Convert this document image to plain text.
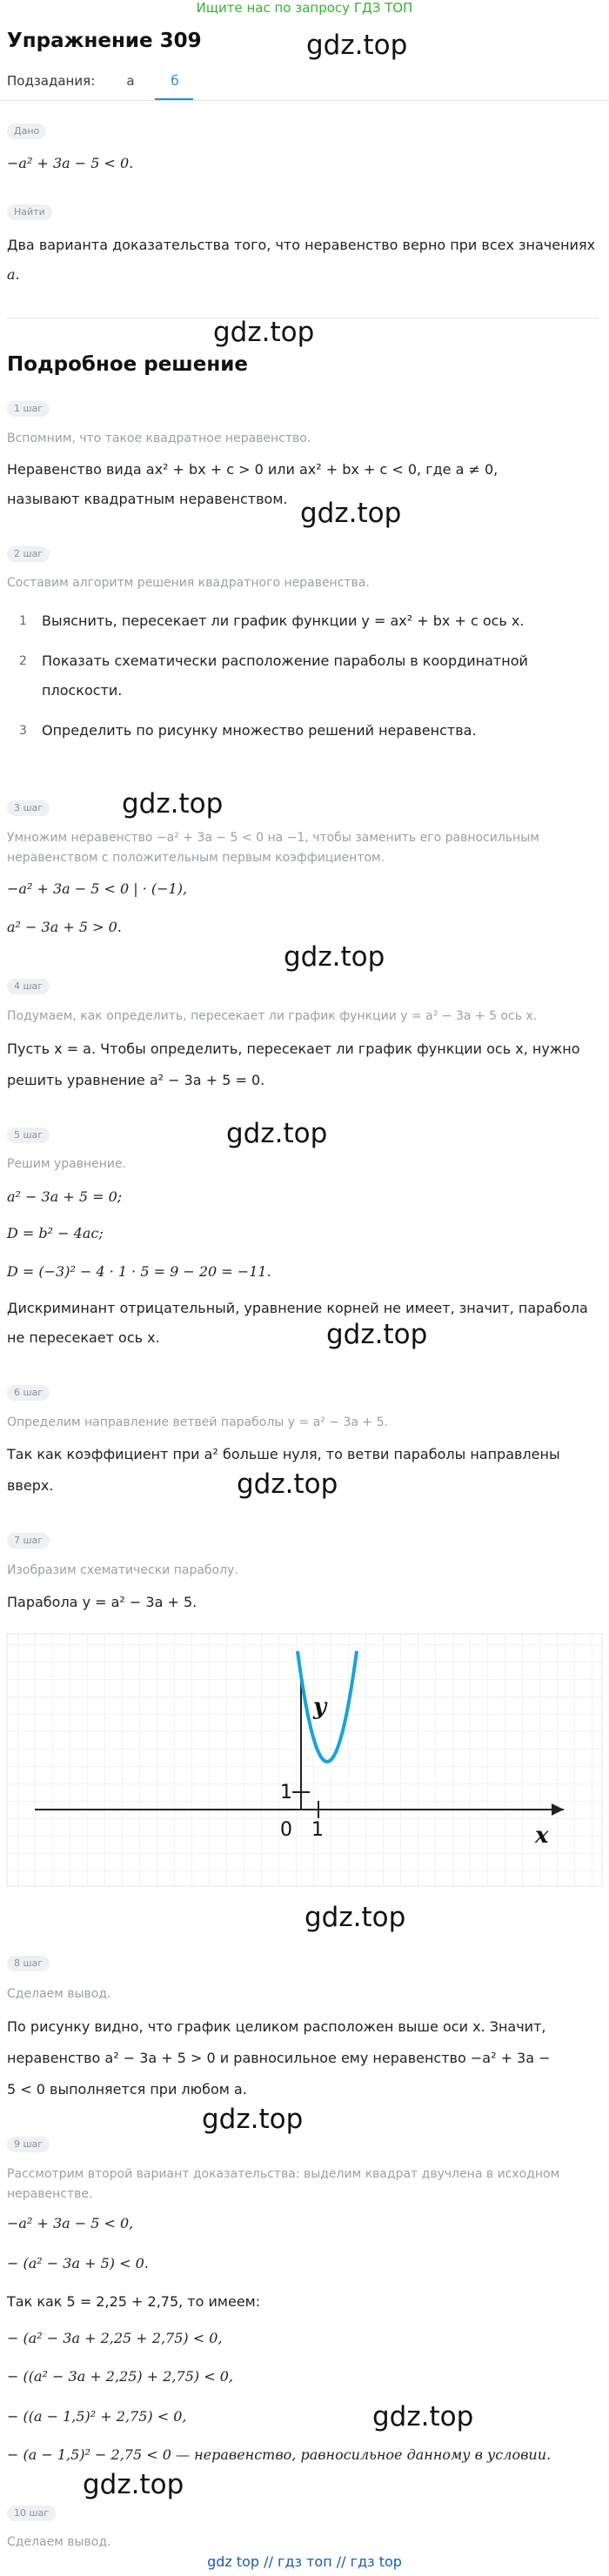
Ищите нас по запросу ГДЗ ТОП
Упражнение 309	gdz.top
Подзадания:	а	б
Дано
−a² + 3a − 5 < 0.
Найти
Два варианта доказательства того, что неравенство верно при всех значениях
a.
gdz.top
Подробное решение
1 шаг
Вспомним, что такое квадратное неравенство.
Неравенство вида ax² + bx + c > 0 или ax² + bx + c < 0, где a ≠ 0,
называют квадратным неравенством. gdz.top
2 шаг
Составим алгоритм решения квадратного неравенства.
1 Выяснить, пересекает ли график функции y = ax² + bx + c ось x.
2 Показать схематически расположение параболы в координатной
плоскости.
3 Определить по рисунку множество решений неравенства.
3 шаг	gdz.top
Умножим неравенство −a² + 3a − 5 < 0 на −1, чтобы заменить его равносильным
неравенством с положительным первым коэффициентом.
−a² + 3a − 5 < 0 | · (−1),
a² − 3a + 5 > 0.
gdz.top
4 шаг
Подумаем, как определить, пересекает ли график функции y = a² − 3a + 5 ось x.
Пусть x = a. Чтобы определить, пересекает ли график функции ось x, нужно
решить уравнение a² − 3a + 5 = 0.
gdz.top
5 шаг
Решим уравнение.
a² − 3a + 5 = 0;
D = b² − 4ac;
D = (−3)² − 4 · 1 · 5 = 9 − 20 = −11.
Дискриминант отрицательный, уравнение корней не имеет, значит, парабола
не пересекает ось x.	gdz.top
6 шаг
Определим направление ветвей параболы y = a² − 3a + 5.
Так как коэффициент при a² больше нуля, то ветви параболы направлены
вверх.	gdz.top
7 шаг
Изобразим схематически параболу.
Парабола y = a² − 3a + 5.
y
x
0 1
1
gdz.top
8 шаг
Сделаем вывод.
По рисунку видно, что график целиком расположен выше оси x. Значит,
неравенство a² − 3a + 5 > 0 и равносильное ему неравенство −a² + 3a −
5 < 0 выполняется при любом a.
gdz.top
9 шаг
Рассмотрим второй вариант доказательства: выделим квадрат двучлена в исходном
неравенстве.
−a² + 3a − 5 < 0,
− (a² − 3a + 5) < 0.
Так как 5 = 2,25 + 2,75, то имеем:
− (a² − 3a + 2,25 + 2,75) < 0,
− ((a² − 3a + 2,25) + 2,75) < 0,
− ((a − 1,5)² + 2,75) < 0,	gdz.top
− (a − 1,5)² − 2,75 < 0 — неравенство, равносильное данному в условии.
gdz.top
10 шаг
Сделаем вывод.
gdz top // гдз топ // гдз top
